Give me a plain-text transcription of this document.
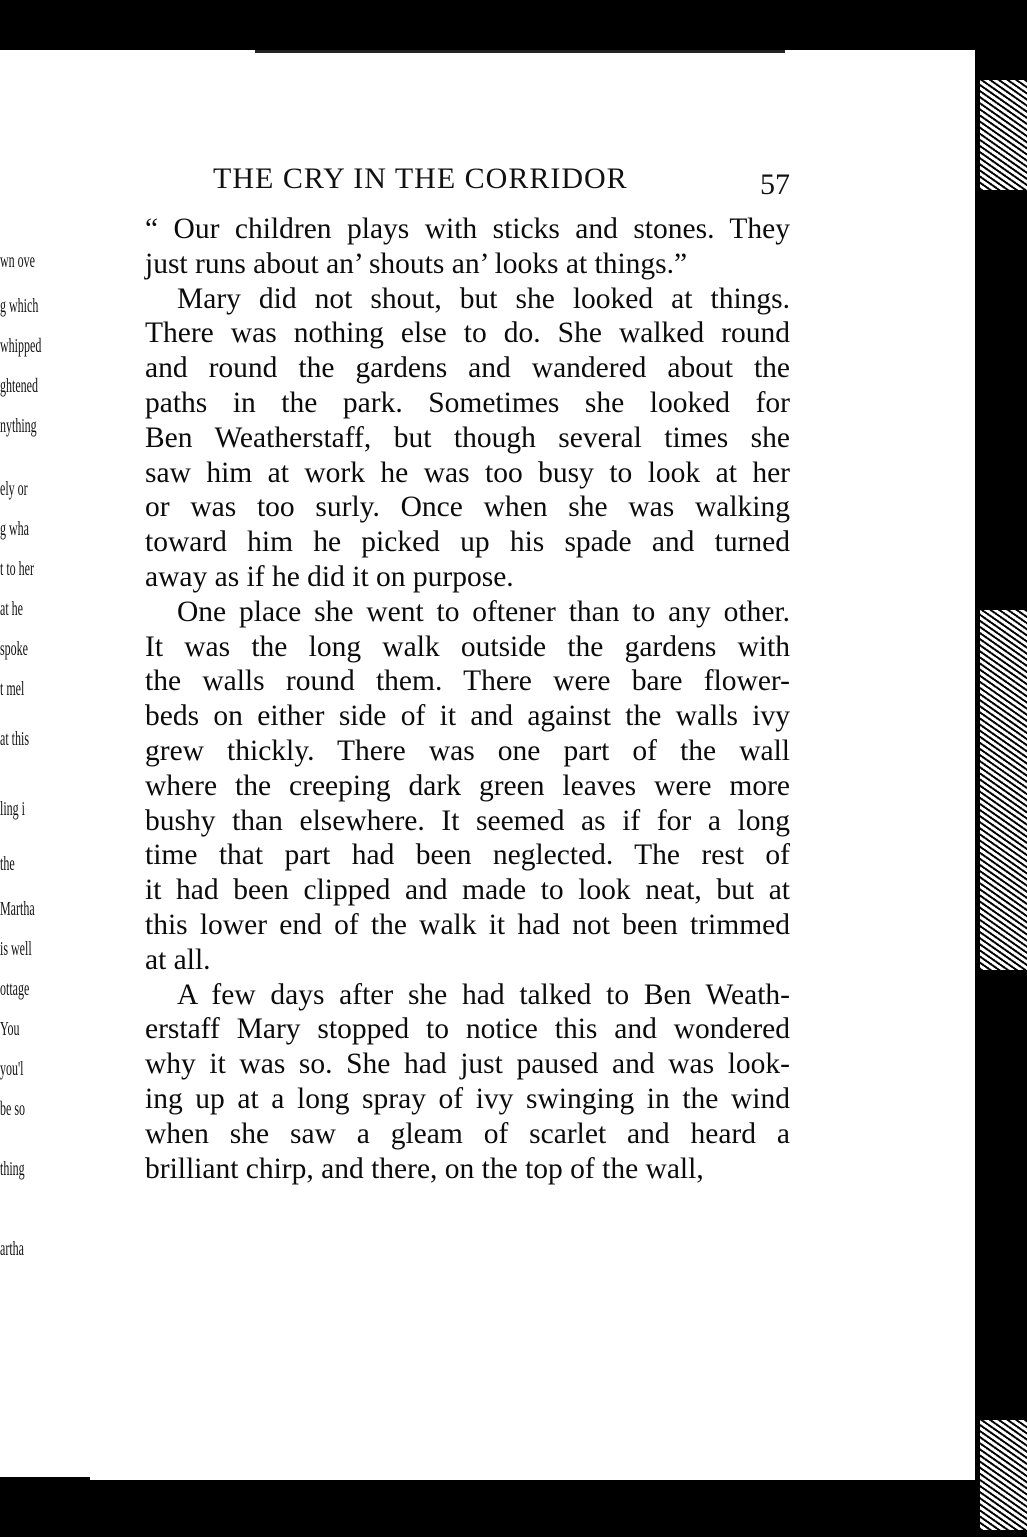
THE CRY IN THE CORRIDOR	57

“ Our children plays with sticks and stones. They
just runs about an’ shouts an’ looks at things.”

Mary did not shout, but she looked at things.
There was nothing else to do. She walked round
and round the gardens and wandered about the
paths in the park. Sometimes she looked for
Ben Weatherstaff, but though several times she
saw him at work he was too busy to look at her
or was too surly. Once when she was walking
toward him he picked up his spade and turned
away as if he did it on purpose.

One place she went to oftener than to any other.
It was the long walk outside the gardens with
the walls round them. There were bare flower-
beds on either side of it and against the walls ivy
grew thickly. There was one part of the wall
where the creeping dark green leaves were more
bushy than elsewhere. It seemed as if for a long
time that part had been neglected. The rest of
it had been clipped and made to look neat, but at
this lower end of the walk it had not been trimmed
at all.

A few days after she had talked to Ben Weath-
erstaff Mary stopped to notice this and wondered
why it was so. She had just paused and was look-
ing up at a long spray of ivy swinging in the wind
when she saw a gleam of scarlet and heard a
brilliant chirp, and there, on the top of the wall,

wn ove
g which
whipped
ghtened
nything
ely or
g wha
t to her
at he
spoke
t mel
at this
ling i
the
Martha
is well
ottage
You
you'l
be so
thing
artha
